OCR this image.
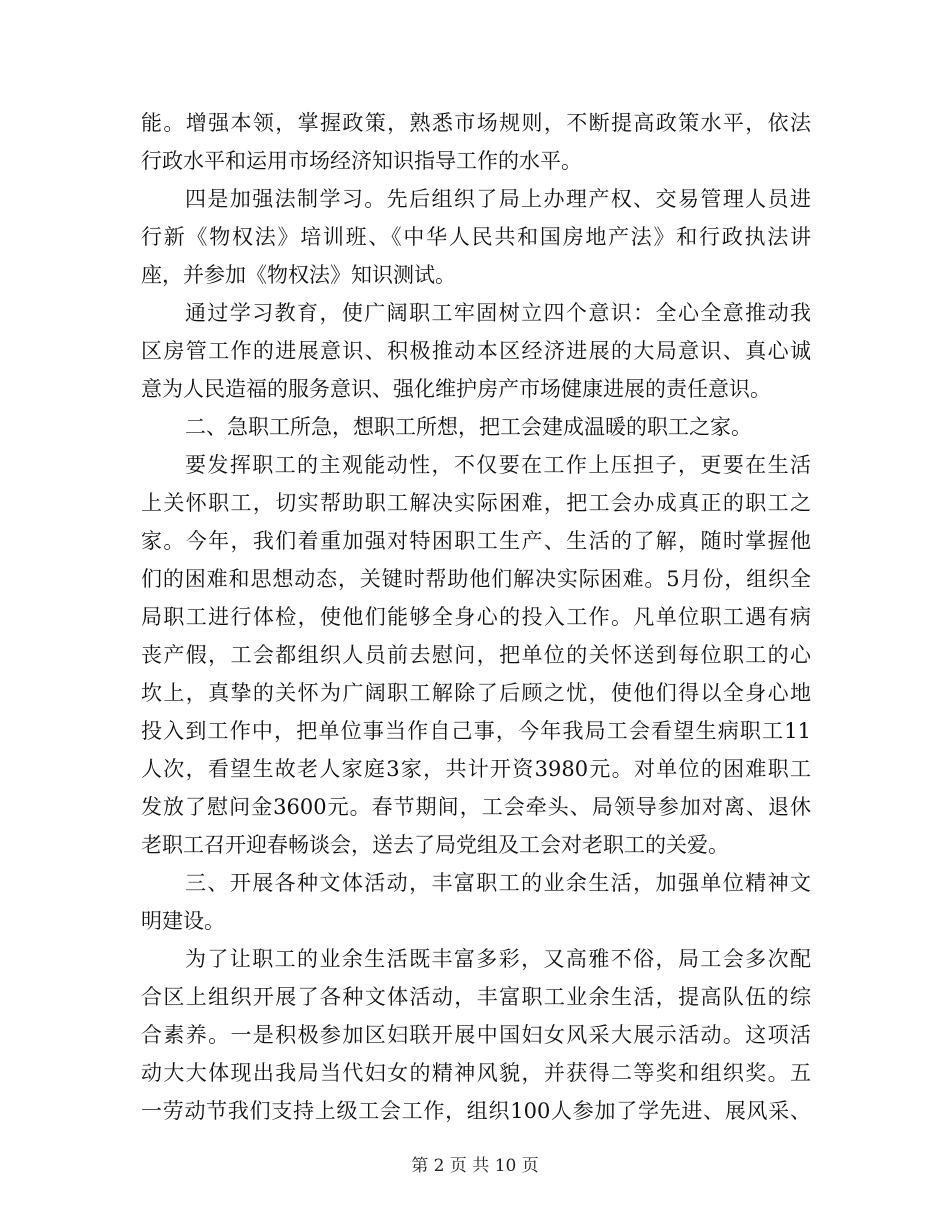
能。增强本领，掌握政策，熟悉市场规则，不断提高政策水平，依法
行政水平和运用市场经济知识指导工作的水平。
四是加强法制学习。先后组织了局上办理产权、交易管理人员进
行新《物权法》培训班、《中华人民共和国房地产法》和行政执法讲
座，并参加《物权法》知识测试。
通过学习教育，使广阔职工牢固树立四个意识：全心全意推动我
区房管工作的进展意识、积极推动本区经济进展的大局意识、真心诚
意为人民造福的服务意识、强化维护房产市场健康进展的责任意识。
二、急职工所急，想职工所想，把工会建成温暖的职工之家。
要发挥职工的主观能动性，不仅要在工作上压担子，更要在生活
上关怀职工，切实帮助职工解决实际困难，把工会办成真正的职工之
家。今年，我们着重加强对特困职工生产、生活的了解，随时掌握他
们的困难和思想动态，关键时帮助他们解决实际困难。5月份，组织全
局职工进行体检，使他们能够全身心的投入工作。凡单位职工遇有病
丧产假，工会都组织人员前去慰问，把单位的关怀送到每位职工的心
坎上，真挚的关怀为广阔职工解除了后顾之忧，使他们得以全身心地
投入到工作中，把单位事当作自己事，今年我局工会看望生病职工11
人次，看望生故老人家庭3家，共计开资3980元。对单位的困难职工
发放了慰问金3600元。春节期间，工会牵头、局领导参加对离、退休
老职工召开迎春畅谈会，送去了局党组及工会对老职工的关爱。
三、开展各种文体活动，丰富职工的业余生活，加强单位精神文
明建设。
为了让职工的业余生活既丰富多彩，又高雅不俗，局工会多次配
合区上组织开展了各种文体活动，丰富职工业余生活，提高队伍的综
合素养。一是积极参加区妇联开展中国妇女风采大展示活动。这项活
动大大体现出我局当代妇女的精神风貌，并获得二等奖和组织奖。五
一劳动节我们支持上级工会工作，组织100人参加了学先进、展风采、
第 2 页 共 10 页
